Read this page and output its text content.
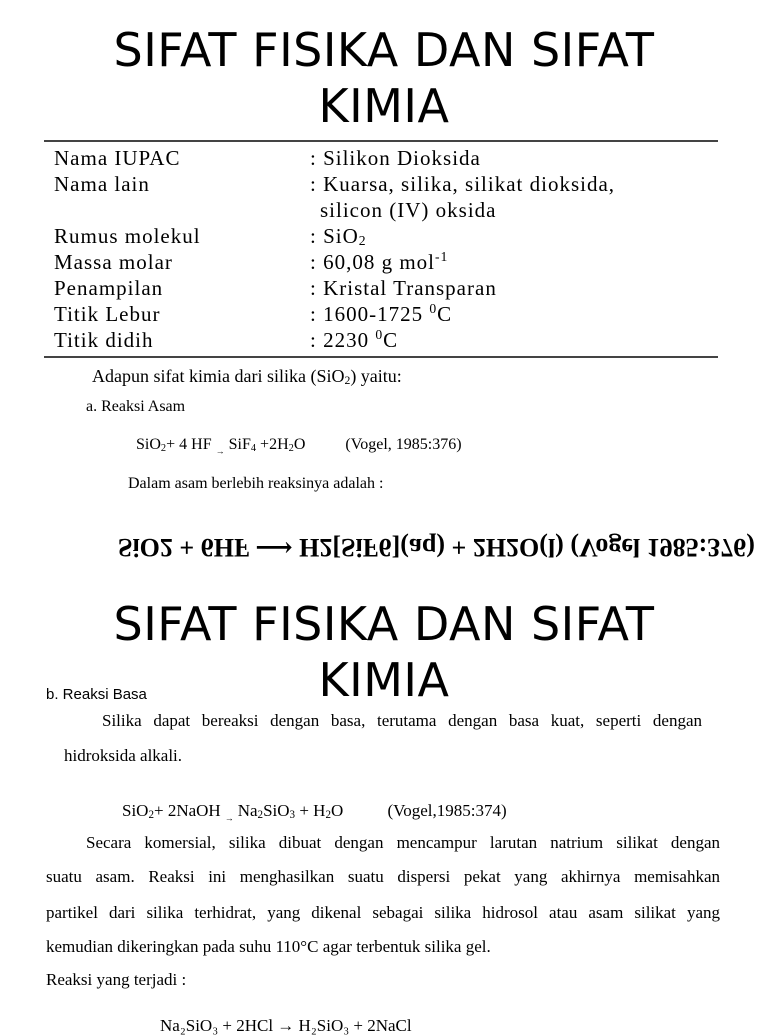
SIFAT FISIKA DAN SIFAT
KIMIA
Nama IUPAC	: Silikon Dioksida
Nama lain	: Kuarsa, silika, silikat dioksida,
silicon (IV) oksida
Rumus molekul	: SiO$_2$
Massa molar	: 60,08 g mol$^{-1}$
Penampilan	: Kristal Transparan
Titik Lebur	: 1600-1725 $^0$C
Titik didih	: 2230 $^0$C
Adapun sifat kimia dari silika (SiO$_2$) yaitu:
a. Reaksi Asam
SiO$_2$+ 4 HF → $SiF_4 +2H_2O$	(Vogel, 1985:376)
Dalam asam berlebih reaksinya adalah :
SiO2 + 6HF ⟶ H2[SiF6](aq) + 2H2O(l) (Vogel 1985:376)
SIFAT FISIKA DAN SIFAT
KIMIA
b. Reaksi Basa
Silika dapat bereaksi dengan basa, terutama dengan basa kuat, seperti dengan
hidroksida alkali.
SiO$_2$+ 2NaOH → $Na_2SiO_3 + H_2O$	(Vogel,1985:374)
Secara komersial, silika dibuat dengan mencampur larutan natrium silikat dengan
suatu asam. Reaksi ini menghasilkan suatu dispersi pekat yang akhirnya memisahkan
partikel dari silika terhidrat, yang dikenal sebagai silika hidrosol atau asam silikat yang
kemudian dikeringkan pada suhu 110°C agar terbentuk silika gel.
Reaksi yang terjadi :
Na₂SiO₃ + 2HCl → H₂SiO₃ + 2NaCl
